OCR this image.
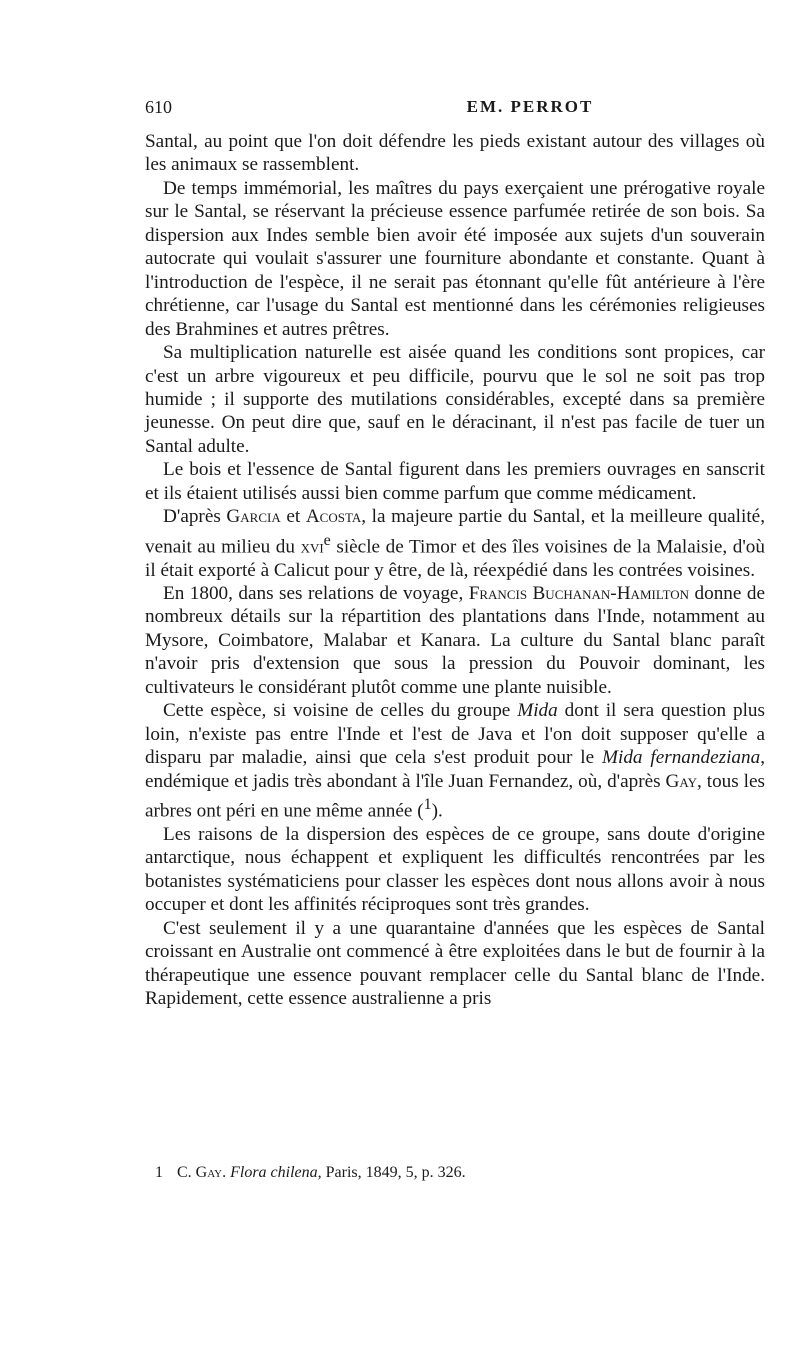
610	EM. PERROT

Santal, au point que l'on doit défendre les pieds existant autour des villages où les animaux se rassemblent.

De temps immémorial, les maîtres du pays exerçaient une prérogative royale sur le Santal, se réservant la précieuse essence parfumée retirée de son bois. Sa dispersion aux Indes semble bien avoir été imposée aux sujets d'un souverain autocrate qui voulait s'assurer une fourniture abondante et constante. Quant à l'introduction de l'espèce, il ne serait pas étonnant qu'elle fût antérieure à l'ère chrétienne, car l'usage du Santal est mentionné dans les cérémonies religieuses des Brahmines et autres prêtres.

Sa multiplication naturelle est aisée quand les conditions sont propices, car c'est un arbre vigoureux et peu difficile, pourvu que le sol ne soit pas trop humide ; il supporte des mutilations considérables, excepté dans sa première jeunesse. On peut dire que, sauf en le déracinant, il n'est pas facile de tuer un Santal adulte.

Le bois et l'essence de Santal figurent dans les premiers ouvrages en sanscrit et ils étaient utilisés aussi bien comme parfum que comme médicament.

D'après Garcia et Acosta, la majeure partie du Santal, et la meilleure qualité, venait au milieu du xvi$^e$ siècle de Timor et des îles voisines de la Malaisie, d'où il était exporté à Calicut pour y être, de là, réexpédié dans les contrées voisines.

En 1800, dans ses relations de voyage, Francis Buchanan-Hamilton donne de nombreux détails sur la répartition des plantations dans l'Inde, notamment au Mysore, Coimbatore, Malabar et Kanara. La culture du Santal blanc paraît n'avoir pris d'extension que sous la pression du Pouvoir dominant, les cultivateurs le considérant plutôt comme une plante nuisible.

Cette espèce, si voisine de celles du groupe Mida dont il sera question plus loin, n'existe pas entre l'Inde et l'est de Java et l'on doit supposer qu'elle a disparu par maladie, ainsi que cela s'est produit pour le Mida fernandeziana, endémique et jadis très abondant à l'île Juan Fernandez, où, d'après Gay, tous les arbres ont péri en une même année ($^1$).

Les raisons de la dispersion des espèces de ce groupe, sans doute d'origine antarctique, nous échappent et expliquent les difficultés rencontrées par les botanistes systématiciens pour classer les espèces dont nous allons avoir à nous occuper et dont les affinités réciproques sont très grandes.

C'est seulement il y a une quarantaine d'années que les espèces de Santal croissant en Australie ont commencé à être exploitées dans le but de fournir à la thérapeutique une essence pouvant remplacer celle du Santal blanc de l'Inde. Rapidement, cette essence australienne a pris

1 C. Gay. Flora chilena, Paris, 1849, 5, p. 326.
